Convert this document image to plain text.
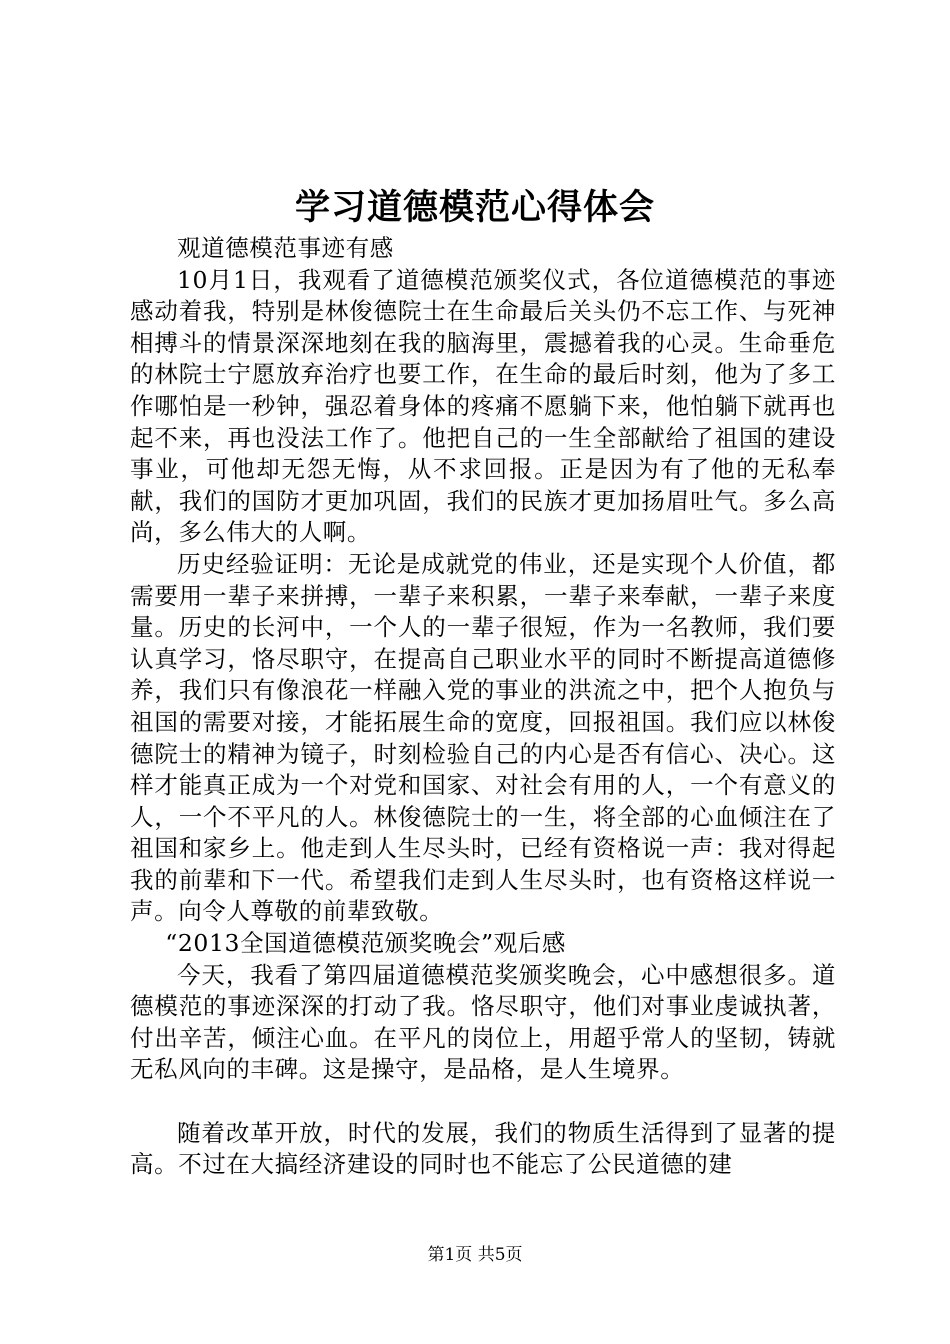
学习道德模范心得体会

观道德模范事迹有感

10月1日，我观看了道德模范颁奖仪式，各位道德模范的事迹感动着我，特别是林俊德院士在生命最后关头仍不忘工作、与死神相搏斗的情景深深地刻在我的脑海里，震撼着我的心灵。生命垂危的林院士宁愿放弃治疗也要工作，在生命的最后时刻，他为了多工作哪怕是一秒钟，强忍着身体的疼痛不愿躺下来，他怕躺下就再也起不来，再也没法工作了。他把自己的一生全部献给了祖国的建设事业，可他却无怨无悔，从不求回报。正是因为有了他的无私奉献，我们的国防才更加巩固，我们的民族才更加扬眉吐气。多么高尚，多么伟大的人啊。

历史经验证明：无论是成就党的伟业，还是实现个人价值，都需要用一辈子来拼搏，一辈子来积累，一辈子来奉献，一辈子来度量。历史的长河中，一个人的一辈子很短，作为一名教师，我们要认真学习，恪尽职守，在提高自己职业水平的同时不断提高道德修养，我们只有像浪花一样融入党的事业的洪流之中，把个人抱负与祖国的需要对接，才能拓展生命的宽度，回报祖国。我们应以林俊德院士的精神为镜子，时刻检验自己的内心是否有信心、决心。这样才能真正成为一个对党和国家、对社会有用的人，一个有意义的人，一个不平凡的人。林俊德院士的一生，将全部的心血倾注在了祖国和家乡上。他走到人生尽头时，已经有资格说一声：我对得起我的前辈和下一代。希望我们走到人生尽头时，也有资格这样说一声。向令人尊敬的前辈致敬。

“2013全国道德模范颁奖晚会”观后感

今天，我看了第四届道德模范奖颁奖晚会，心中感想很多。道德模范的事迹深深的打动了我。恪尽职守，他们对事业虔诚执著，付出辛苦，倾注心血。在平凡的岗位上，用超乎常人的坚韧，铸就无私风向的丰碑。这是操守，是品格，是人生境界。

随着改革开放，时代的发展，我们的物质生活得到了显著的提高。不过在大搞经济建设的同时也不能忘了公民道德的建

第1页 共5页
